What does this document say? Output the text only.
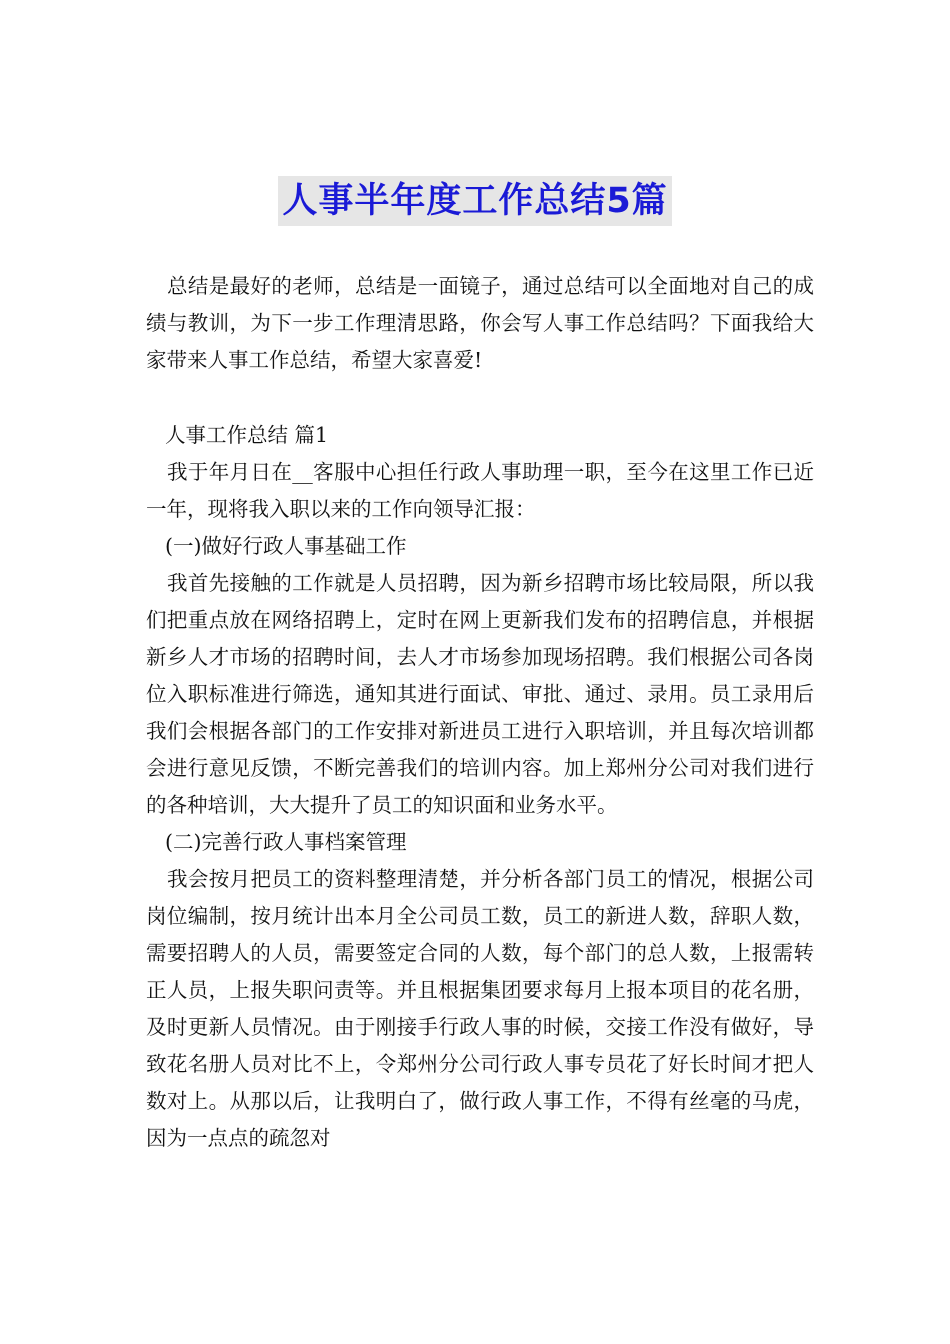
人事半年度工作总结5篇

总结是最好的老师，总结是一面镜子，通过总结可以全面地对自己的成绩与教训，为下一步工作理清思路，你会写人事工作总结吗？下面我给大家带来人事工作总结，希望大家喜爱!

人事工作总结 篇1

我于年月日在__客服中心担任行政人事助理一职，至今在这里工作已近一年，现将我入职以来的工作向领导汇报：

(一)做好行政人事基础工作

我首先接触的工作就是人员招聘，因为新乡招聘市场比较局限，所以我们把重点放在网络招聘上，定时在网上更新我们发布的招聘信息，并根据新乡人才市场的招聘时间，去人才市场参加现场招聘。我们根据公司各岗位入职标准进行筛选，通知其进行面试、审批、通过、录用。员工录用后我们会根据各部门的工作安排对新进员工进行入职培训，并且每次培训都会进行意见反馈，不断完善我们的培训内容。加上郑州分公司对我们进行的各种培训，大大提升了员工的知识面和业务水平。

(二)完善行政人事档案管理

我会按月把员工的资料整理清楚，并分析各部门员工的情况，根据公司岗位编制，按月统计出本月全公司员工数，员工的新进人数，辞职人数，需要招聘人的人员，需要签定合同的人数，每个部门的总人数，上报需转正人员，上报失职问责等。并且根据集团要求每月上报本项目的花名册，及时更新人员情况。由于刚接手行政人事的时候，交接工作没有做好，导致花名册人员对比不上，令郑州分公司行政人事专员花了好长时间才把人数对上。从那以后，让我明白了，做行政人事工作，不得有丝毫的马虎，因为一点点的疏忽对
